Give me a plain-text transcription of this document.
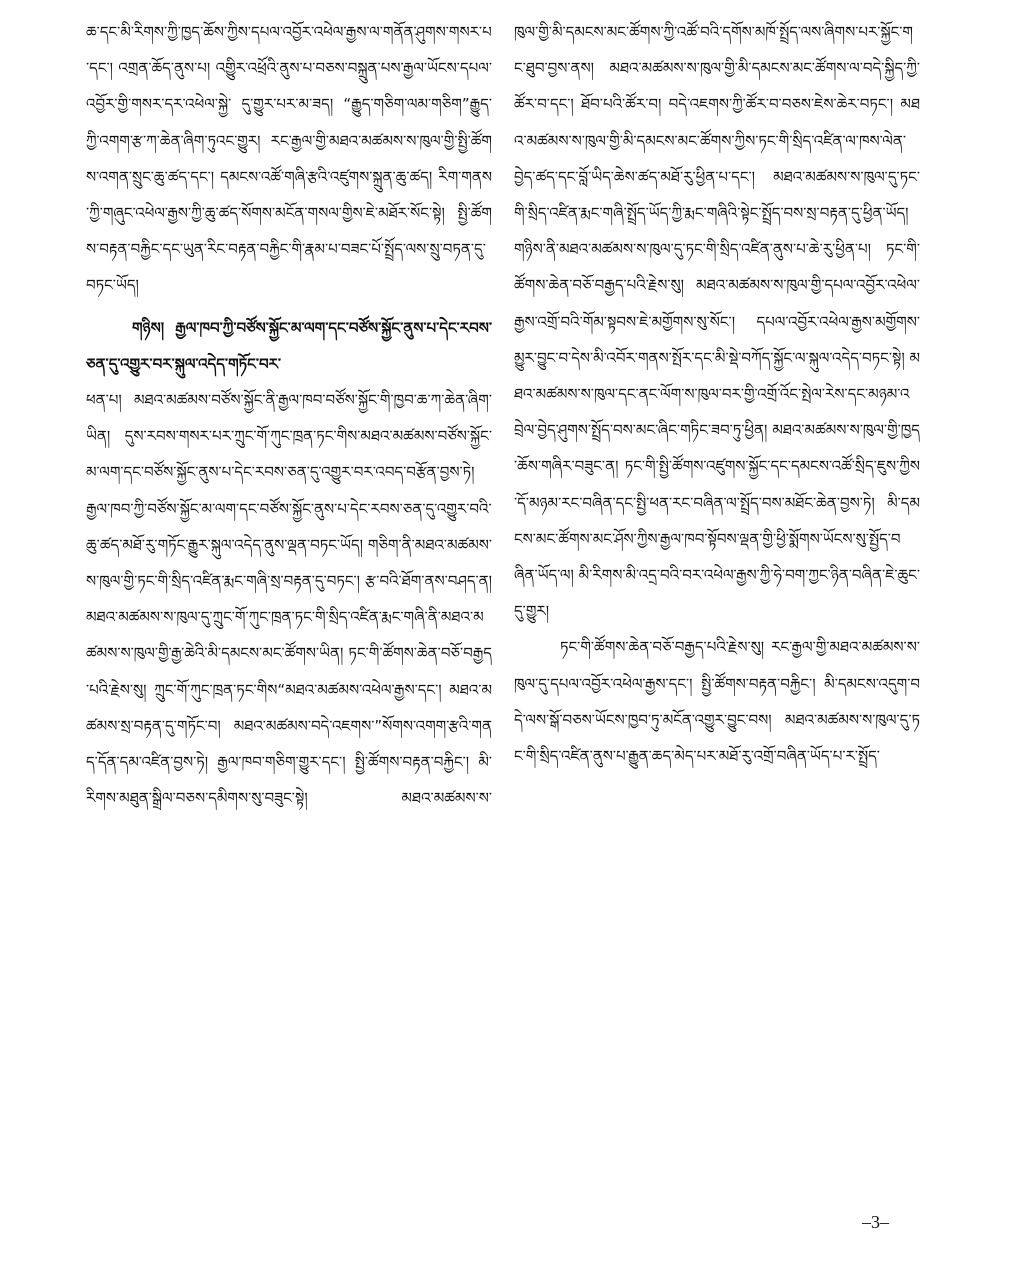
ཆ་དང་མི་རིགས་ཀྱི་ཁྱད་ཆོས་ཀྱིས་དཔལ་འབྱོར་འཕེལ་རྒྱས་ལ་གནོན་ཤུགས་གསར་པ་དང་། འགྲན་ཆོད་ནུས་པ། འགྱིུར་འཕྲོའི་ནུས་པ་བཅས་བསྐྲུན་པས་རྒྱལ་ཡོངས་དཔལ་འབྱོར་གྱི་གསར་དར་འཕེལ་སྐྱེ་ དུ་གྱུར་པར་མ་ཟད། “རྒྱུད་གཅིག་ལམ་གཅིག”རྒྱུད་ཀྱི་འགག་རྩ་ཀ་ཆེན་ཞིག་ཏུའང་གྱུར། རང་རྒྱལ་གྱི་མཐའ་མཚམས་ས་ཁུལ་གྱི་སྤྱི་ཚོགས་འགན་སྲུང་ཆུ་ཚད་དང་། དམངས་འཚོ་གཞི་རྩའི་འཛུགས་སྐྲུན་ཆུ་ཚད། རིག་གནས་ཀྱི་གཞུང་འཕེལ་རྒྱས་ཀྱི་ཆུ་ཚད་སོགས་མངོན་གསལ་གྱིས་ཇེ་མཐོར་སོང་སྟེ། སྤྱི་ཚོགས་བརྟན་བརྐྱིང་དང་ཡུན་རིང་བརྟན་བརྐྱིང་གི་རྣམ་པ་བཟང་པོ་སྤྲོད་ལས་སྲུ་བཏན་དུ་བཏང་ཡོད།

གཉིས། རྒྱལ་ཁབ་ཀྱི་བཙོས་སྐྱོང་མ་ལག་དང་བཙོས་སྐྱོང་ནུས་པ་དེང་རབས་ཅན་དུ་འགྱུར་བར་སྐུལ་འདེད་གཏོང་བར་

ཕན་པ། མཐའ་མཚམས་བཙོས་སྐྱོང་ནི་རྒྱལ་ཁབ་བཙོས་སྐྱོང་གི་ཁྱབ་ཆ་ཀ་ཆེན་ཞིག་ཡིན། དུས་རབས་གསར་པར་ཀྲུང་གོ་ཀུང་ཁྲན་ཏང་གིས་མཐའ་མཚམས་བཙོས་སྐྱོང་མ་ལག་དང་བཙོས་སྐྱོང་ནུས་པ་དེང་རབས་ཅན་དུ་འགྱུར་བར་འབད་བརྩོན་བྱས་ཏེ། རྒྱལ་ཁབ་ཀྱི་བཙོས་སྐྱོང་མ་ལག་དང་བཙོས་སྐྱོང་ནུས་པ་དེང་རབས་ཅན་དུ་འགྱུར་བའི་ཆུ་ཚད་མཐོ་རུ་གཏོང་རྒྱུར་སྐུལ་འདེད་ནུས་ལྡན་བཏང་ཡོད། གཅིག་ནི་མཐའ་མཚམས་ས་ཁུལ་གྱི་ཏང་གི་སྲིད་འཛིན་རྨང་གཞི་སྲ་བརྟན་དུ་བཏང་། རྩ་བའི་ཐོག་ནས་བཤད་ན། མཐའ་མཚམས་ས་ཁུལ་དུ་ཀྲུང་གོ་ཀུང་ཁྲན་ཏང་གི་སྲིད་འཛིན་རྨང་གཞི་ནི་མཐའ་མཚམས་ས་ཁུལ་གྱི་རྒྱ་ཆེའི་མི་དམངས་མང་ཚོགས་ཡིན། ཏང་གི་ཚོགས་ཆེན་བཅོ་བརྒྱད་པའི་རྗེས་སུ། ཀྲུང་གོ་ཀུང་ཁྲན་ཏང་གིས“མཐའ་མཚམས་འཕེལ་རྒྱས་དང་། མཐའ་མཚམས་སྲ་བརྟན་དུ་གཏོང་བ། མཐའ་མཚམས་བདེ་འཇགས་”སོགས་འགག་རྩའི་གནད་དོན་དམ་འཛིན་བྱས་ཏེ། རྒྱལ་ཁབ་གཅིག་གྱུར་དང་། སྤྱི་ཚོགས་བརྟན་བརྐྱིང་། མི་རིགས་མཐུན་སྒྲིལ་བཅས་དམིགས་སུ་བཟུང་སྟེ། མཐའ་མཚམས་ས་

ཁུལ་གྱི་མི་དམངས་མང་ཚོགས་ཀྱི་འཚོ་བའི་དགོས་མཁོ་སྤྲོད་ལས་ཞིགས་པར་སྐྱོང་གང་ཐུབ་བྱས་ནས། མཐའ་མཚམས་ས་ཁུལ་གྱི་མི་དམངས་མང་ཚོགས་ལ་བདེ་སྐྱིད་ཀྱི་ཚོར་བ་དང་། ཐོབ་པའི་ཚོར་བ། བདེ་འཇགས་ཀྱི་ཚོར་བ་བཅས་ཇེས་ཆེར་བཏང་། མཐའ་མཚམས་ས་ཁུལ་གྱི་མི་དམངས་མང་ཚོགས་ཀྱིས་ཏང་གི་སྲིད་འཛིན་ལ་ཁས་ལེན་བྱེད་ཚད་དང་བློ་ཡིད་ཆེས་ཚད་མཐོ་རུ་ཕྱིན་པ་དང་། མཐའ་མཚམས་ས་ཁུལ་དུ་ཏང་གི་སྲིད་འཛིན་རྨང་གཞི་སྤྲོད་ཡོད་ཀྱི་རྨང་གཞིའི་སྟེང་སྤྲོད་བས་སྲ་བརྟན་དུ་ཕྱིན་ཡོད། གཉིས་ནི་མཐའ་མཚམས་ས་ཁུལ་དུ་ཏང་གི་སྲིད་འཛིན་ནུས་པ་ཆེ་རུ་ཕྱིན་པ། ཏང་གི་ཚོགས་ཆེན་བཅོ་བརྒྱད་པའི་རྗེས་སུ། མཐའ་མཚམས་ས་ཁུལ་གྱི་དཔལ་འབྱོར་འཕེལ་རྒྱས་འགྲོ་བའི་གོམ་སྟབས་ཇེ་མགྱོགས་སུ་སོང་། དཔལ་འབྱོར་འཕེལ་རྒྱས་མགྱོགས་མྱུར་བྱུང་བ་དེས་མི་འབོར་གནས་སྤོར་དང་མི་སྡེ་བཀོད་སྐྱོང་ལ་སྐུལ་འདེད་བཏང་སྟེ། མཐའ་མཚམས་ས་ཁུལ་དང་ནང་ལོག་ས་ཁུལ་བར་གྱི་འགྲོ་འོང་སྤེལ་རེས་དང་མཉམ་འབྲེལ་བྱེད་ཤུགས་སྤྲོད་བས་མང་ཞིང་གཏིང་ཟབ་ཏུ་ཕྱིན། མཐའ་མཚམས་ས་ཁུལ་གྱི་ཁྱད་ཆོས་གཞིར་བཟུང་ན། ཏང་གི་སྤྱི་ཚོགས་འཛུགས་སྐྱོང་དང་དམངས་འཚོ་སྲིད་ཇུས་ཀྱིས་དོ་མཉམ་རང་བཞིན་དང་སྤྱི་ཕན་རང་བཞིན་ལ་སྤྲོད་བས་མཐོང་ཆེན་བྱས་ཏེ། མི་དམངས་མང་ཚོགས་མང་ཤོས་ཀྱིས་རྒྱལ་ཁབ་སྟོབས་ལྡན་གྱི་ཕྱི་སྨོགས་ཡོངས་སུ་སྤྱོད་བཞིན་ཡོད་ལ། མི་རིགས་མི་འདྲ་བའི་བར་འཕེལ་རྒྱས་ཀྱི་ཧེ་བག་ཀྱང་ཉིན་བཞིན་ཇེ་ཆུང་དུ་གྱུར།

ཏང་གི་ཚོགས་ཆེན་བཅོ་བརྒྱད་པའི་རྗེས་སུ། རང་རྒྱལ་གྱི་མཐའ་མཚམས་ས་ཁུལ་དུ་དཔལ་འབྱོར་འཕེལ་རྒྱས་དང་། སྤྱི་ཚོགས་བརྟན་བརྐྱིང་། མི་དམངས་འདུག་བདེ་ལས་སྒོ་བཅས་ཡོངས་ཁྱབ་ཏུ་མངོན་འགྱུར་བྱུང་བས། མཐའ་མཚམས་ས་ཁུལ་དུ་ཏང་གི་སྲིད་འཛིན་ནུས་པ་རྒྱུན་ཆད་མེད་པར་མཐོ་རུ་འགྲོ་བཞིན་ཡོད་པ་ར་སྤྲོད་

–3–
